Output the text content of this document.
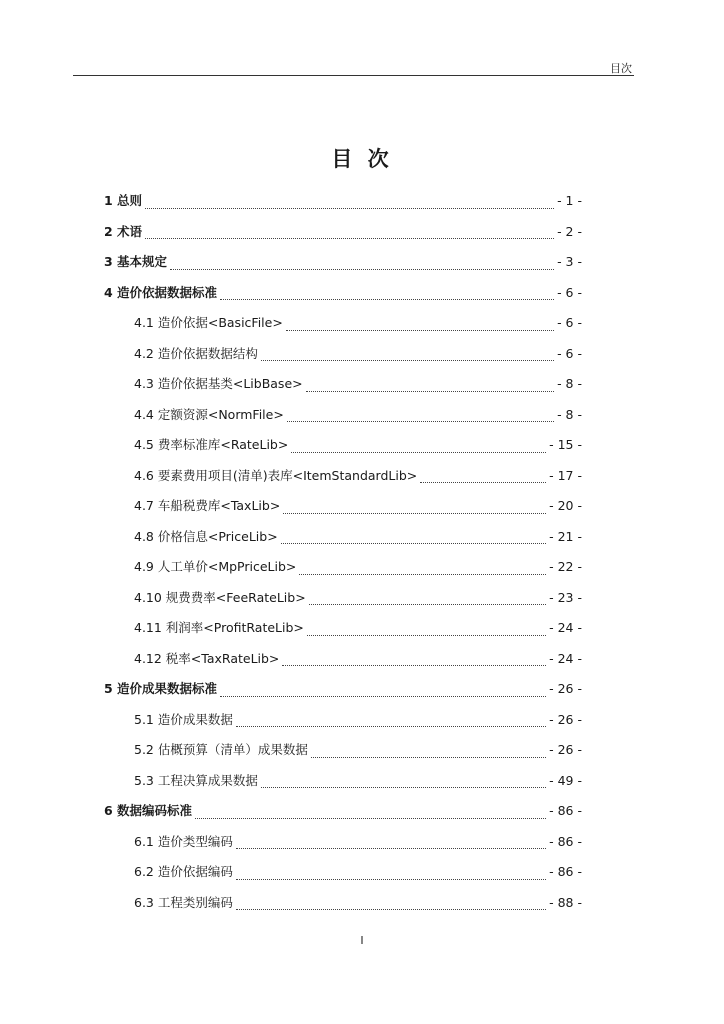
目次
目 次
1 总则	- 1 -
2 术语	- 2 -
3 基本规定	- 3 -
4 造价依据数据标准	- 6 -
4.1 造价依据<BasicFile>	- 6 -
4.2 造价依据数据结构	- 6 -
4.3 造价依据基类<LibBase>	- 8 -
4.4 定额资源<NormFile>	- 8 -
4.5 费率标准库<RateLib>	- 15 -
4.6 要素费用项目(清单)表库<ItemStandardLib>	- 17 -
4.7 车船税费库<TaxLib>	- 20 -
4.8 价格信息<PriceLib>	- 21 -
4.9 人工单价<MpPriceLib>	- 22 -
4.10 规费费率<FeeRateLib>	- 23 -
4.11 利润率<ProfitRateLib>	- 24 -
4.12 税率<TaxRateLib>	- 24 -
5 造价成果数据标准	- 26 -
5.1 造价成果数据	- 26 -
5.2 估概预算（清单）成果数据	- 26 -
5.3 工程决算成果数据	- 49 -
6 数据编码标准	- 86 -
6.1 造价类型编码	- 86 -
6.2 造价依据编码	- 86 -
6.3 工程类别编码	- 88 -
I
